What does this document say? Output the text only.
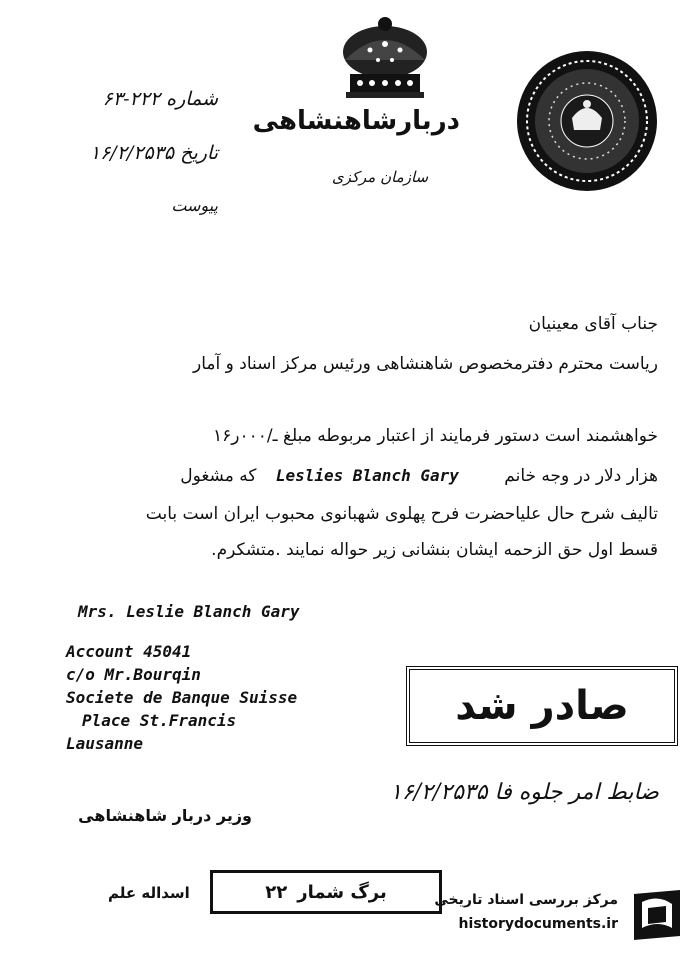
دربارشاهنشاهی
سازمان مرکزی
شماره ۲۲۲-۶۳
تاریخ ۱۶/۲/۲۵۳۵
پیوست
جناب آقای معینیان
ریاست محترم دفترمخصوص شاهنشاهی ورئیس مرکز اسناد و آمار
خواهشمند است دستور فرمایند از اعتبار مربوطه مبلغ ـ/۰۰۰ر۱۶
که مشغول Leslies Blanch Gary	هزار دلار در وجه خانم
تالیف شرح حال علیاحضرت فرح پهلوی شهبانوی محبوب ایران است بابت
قسط اول حق الزحمه ایشان بنشانی زیر حواله نمایند .متشکرم.
Mrs. Leslie Blanch Gary
Account 45041
c/o Mr.Bourqin
Societe de Banque Suisse
Place St.Francis
Lausanne
صادر شد
ضابط امر جلوه فا ۱۶/۲/۲۵۳۵
وزیر دربار شاهنشاهی
اسداله علم	برگ شمار
۲۲	مرکز بررسی اسناد تاریخی
historydocuments.ir
